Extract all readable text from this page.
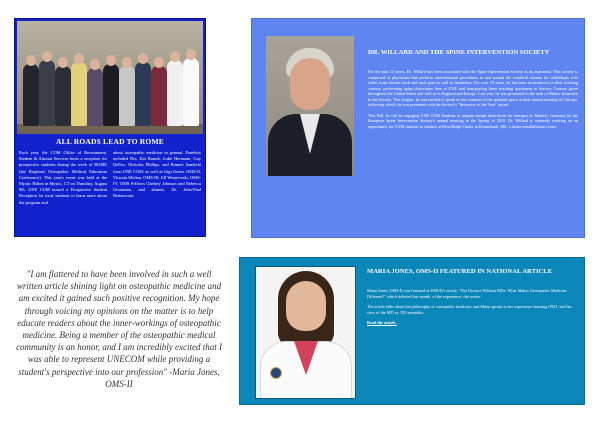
ALL ROADS LEAD TO ROME
Each year, the COM Office of Recruitment, Student & Alumni Services hosts a reception for prospective students during the week of ROME (the Regional Osteopathic Medical Education Conference). This year's event was held at the Mystic Hilton in Mystic, CT on Thursday, August 9th. UNE COM hosted a Prospective Student Reception for local students to learn more about the program and
about osteopathic medicine in general. Panelists included Drs. Kat Brandt, Jodie Hermann, Guy DeFeo, Nicholas Phillips, and Bonnie Sandicki from UNE COM, as well as Gigi Green, OMS-II, Victoria Molina, OMS-III, Jill Wisniewski, OMS-IV, OMS Fellows Chelsey Johnson and Rebecca Grossman, and alumni, Dr. John-Paul Bettencourt.
DR. WILLARD AND THE SPINE INTERVENTION SOCIETY

For the past 15 years, Dr. Willard has been associated with the Spine Intervention Society as an anatomist. This society is composed of physicians that perform interventional procedures in and around the vertebral column for individuals who suffer from chronic back and neck pain as well as headaches. For over 10 years, he has been an instructor in their teaching courses, performing spine dissections here at UNE and transporting these teaching specimens to Society Courses given throughout the United States and well as in England and Europe. Last year, he was promoted to the rank of Master Instructor in the Society. This August, he was invited to speak on the contents of the epidural space at their annual meeting in Chicago, following which, he was presented with the Society's "Instructor of the Year" award.

This Fall, he will be engaging UNE COM Students to prepare annual dissections for transport to Munich, Germany for the European Spine Intervention Society's annual meeting in the Spring of 2019. Dr. Willard is currently working on an opportunity for COM students to shadow at RiverRidge Center in Kennebunk, ME, a neuro-rehabilitation center.

"I am flattered to have been involved in such a well written article shining light on osteopathic medicine and am excited it gained such positive recognition. My hope through voicing my opinions on the matter is to help educate readers about the inner-workings of osteopathic medicine. Being a member of the osteopathic medical community is an honor, and I am incredibly excited that I was able to represent UNECOM while providing a student's perspective into our profession" -Maria Jones, OMS-II
MARIA JONES, OMS-II FEATURED IN NATIONAL ARTICLE

Maria Jones, OMS-II was featured in WBUR's article, "The Doctors Without MDs: What Makes Osteopathic Medicine Different?" which debuted this month. of the experience, she writes:

The article talks about the philosophy of osteopathic medicine, and Maria speaks to her experience learning OMT, and her view of the MD vs. DO mentality.

Read the article.
